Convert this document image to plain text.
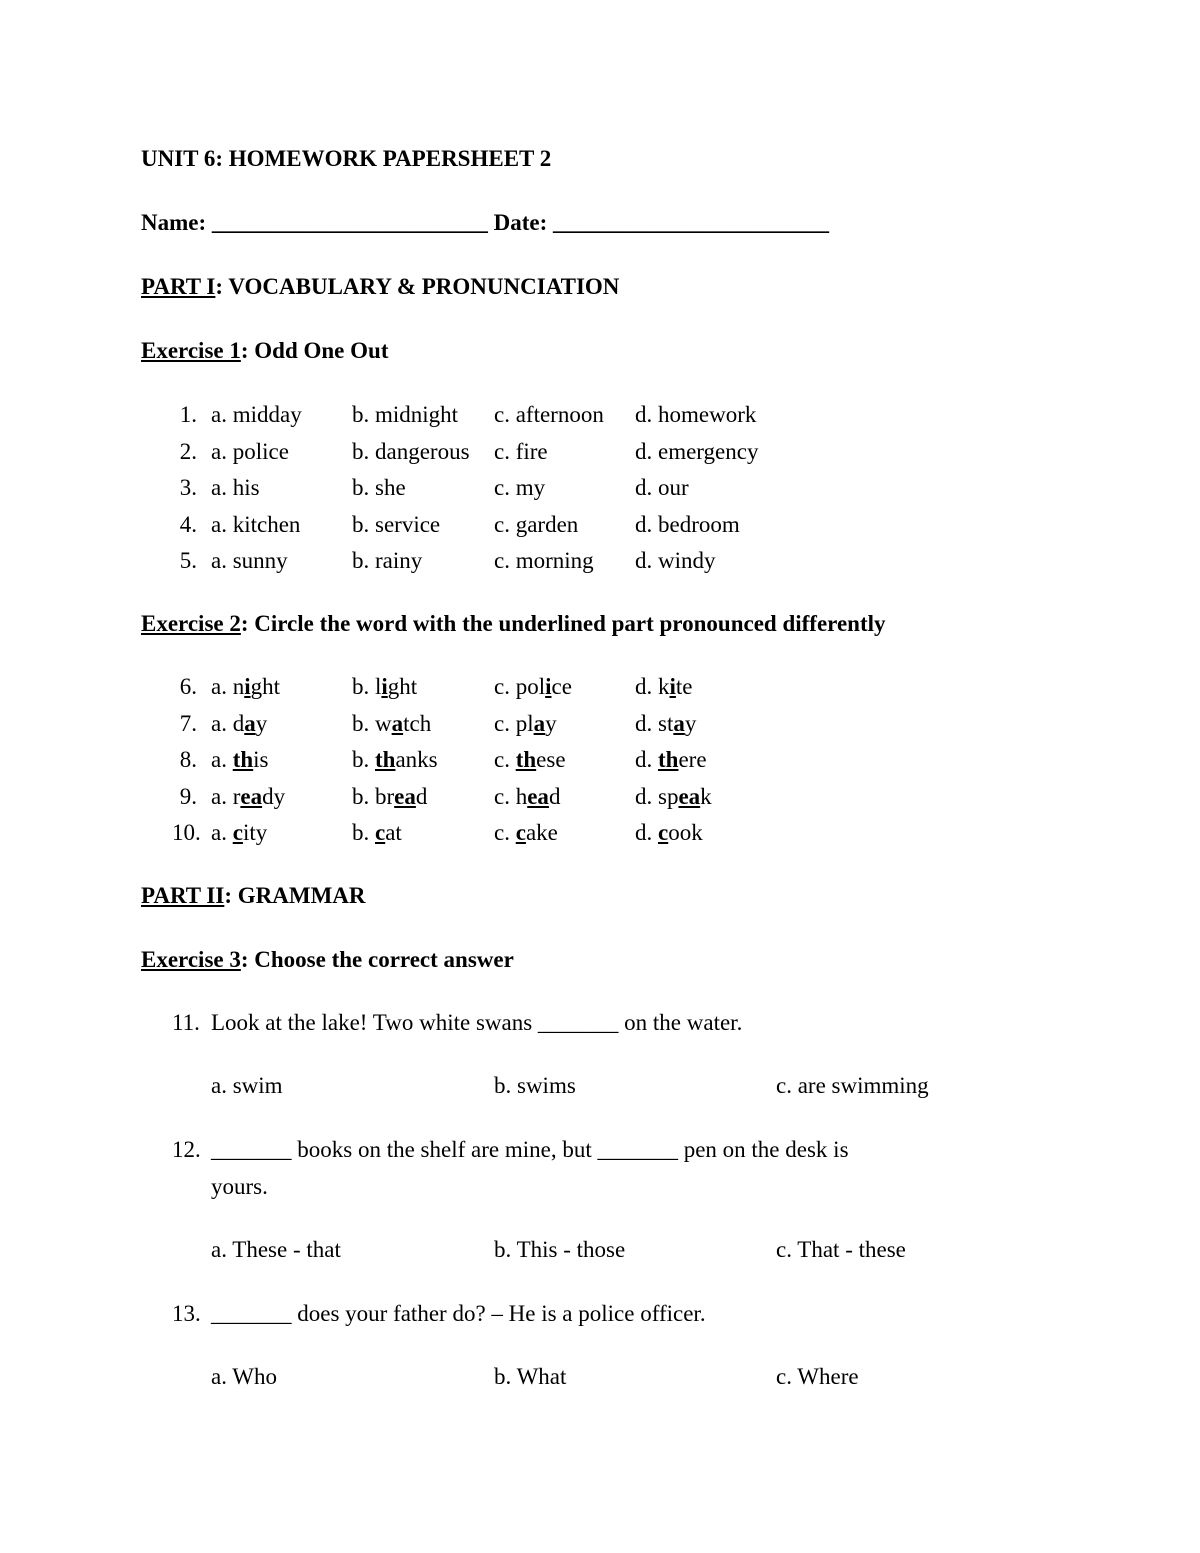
UNIT 6: HOMEWORK PAPERSHEET 2
Name: ________________________ Date: ________________________
PART I: VOCABULARY & PRONUNCIATION
Exercise 1: Odd One Out
1. a. midday b. midnight c. afternoon d. homework
2. a. police	b. dangerous c. fire	d. emergency
3. a. his	b. she	c. my	d. our
4. a. kitchen b. service c. garden d. bedroom
5. a. sunny	b. rainy	c. morning d. windy
Exercise 2: Circle the word with the underlined part pronounced differently
6. a. night	b. light	c. police	d. kite
7. a. day	b. watch	c. play	d. stay
8. a. this	b. thanks c. these	d. there
9. a. ready	b. bread	c. head	d. speak
10. a. city	b. cat	c. cake	d. cook
PART II: GRAMMAR
Exercise 3: Choose the correct answer
11. Look at the lake! Two white swans _______ on the water.
a. swim	b. swims	c. are swimming
12. _______ books on the shelf are mine, but _______ pen on the desk is
yours.
a. These - that	b. This - those	c. That - these
13. _______ does your father do? – He is a police officer.
a. Who	b. What	c. Where
